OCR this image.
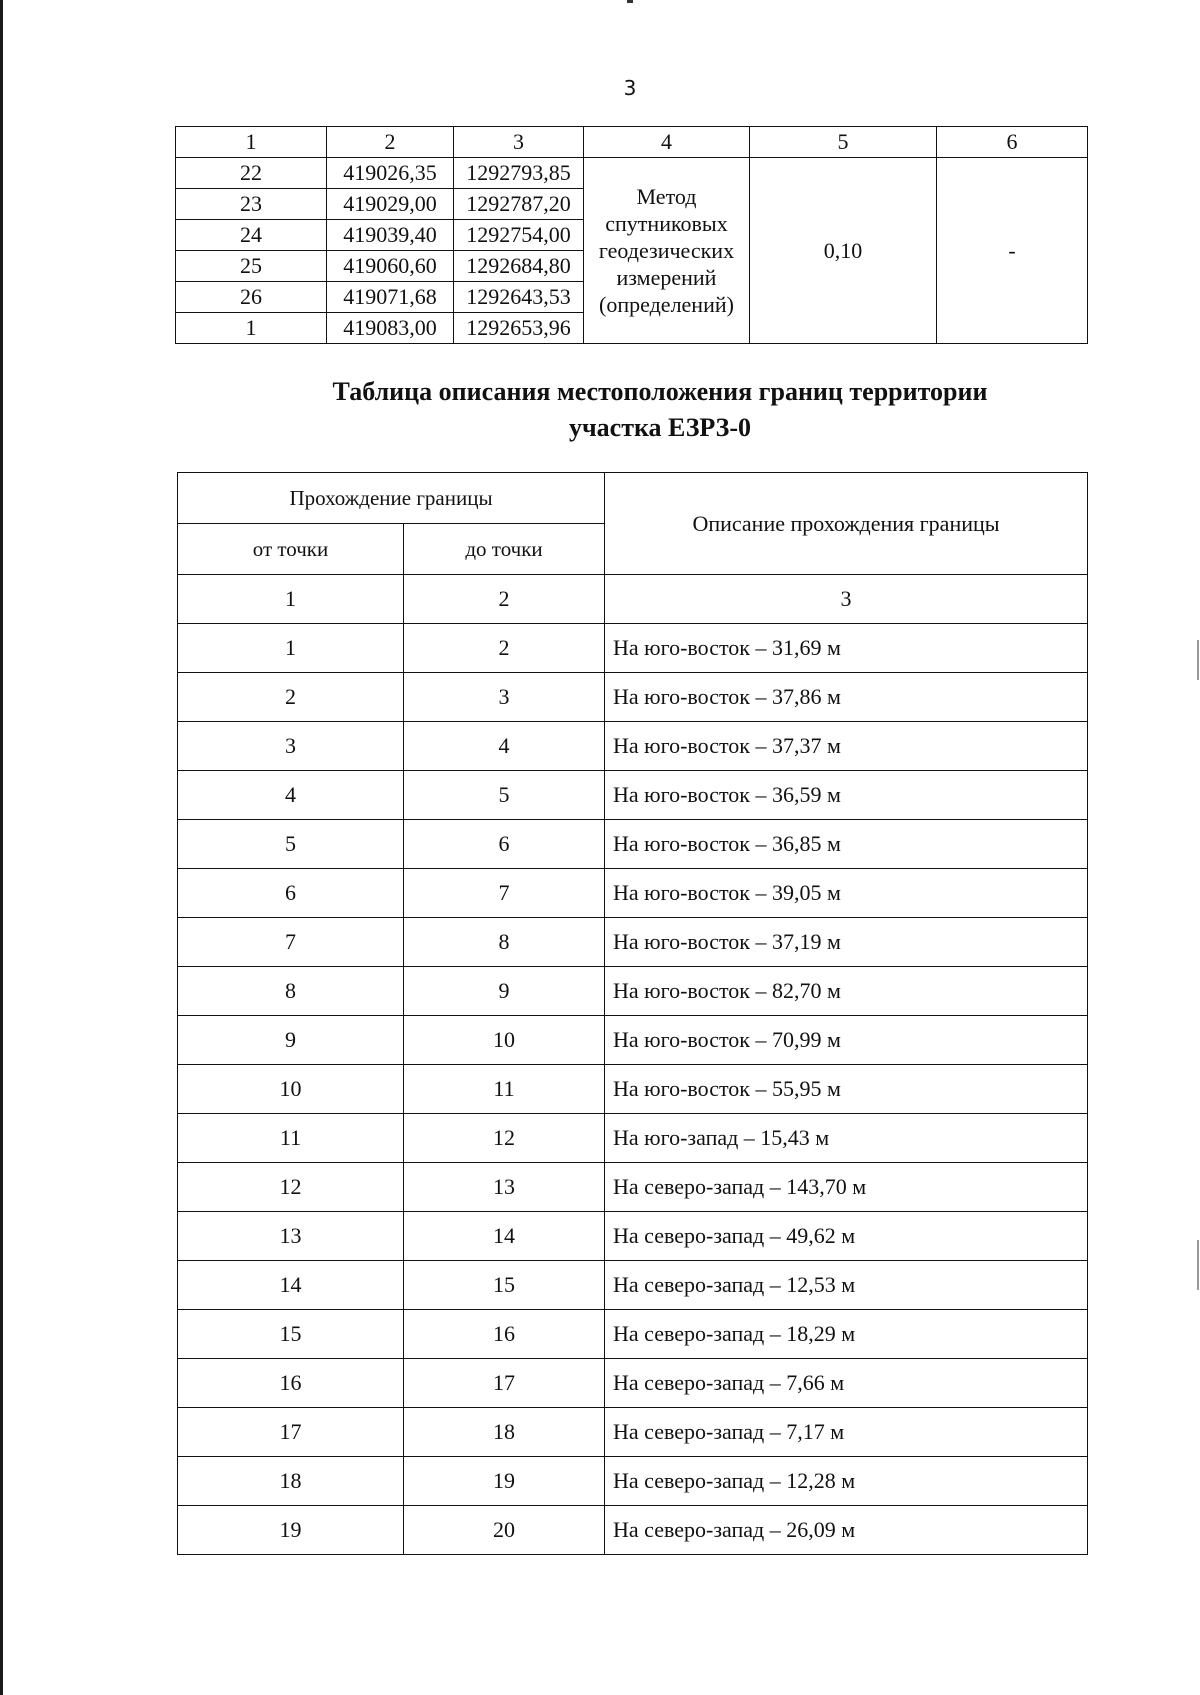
3
1	2	3	4	5	6
22	419026,35	1292793,85	Метод спутниковых геодезических измерений (определений)	0,10	-
23	419029,00	1292787,20			
24	419039,40	1292754,00			
25	419060,60	1292684,80			
26	419071,68	1292643,53			
1	419083,00	1292653,96			
Таблица описания местоположения границ территории
участка ЕЗРЗ-0
Прохождение границы		Описание прохождения границы
от точки	до точки	
1	2	3
1	2	На юго-восток – 31,69 м
2	3	На юго-восток – 37,86 м
3	4	На юго-восток – 37,37 м
4	5	На юго-восток – 36,59 м
5	6	На юго-восток – 36,85 м
6	7	На юго-восток – 39,05 м
7	8	На юго-восток – 37,19 м
8	9	На юго-восток – 82,70 м
9	10	На юго-восток – 70,99 м
10	11	На юго-восток – 55,95 м
11	12	На юго-запад – 15,43 м
12	13	На северо-запад – 143,70 м
13	14	На северо-запад – 49,62 м
14	15	На северо-запад – 12,53 м
15	16	На северо-запад – 18,29 м
16	17	На северо-запад – 7,66 м
17	18	На северо-запад – 7,17 м
18	19	На северо-запад – 12,28 м
19	20	На северо-запад – 26,09 м
